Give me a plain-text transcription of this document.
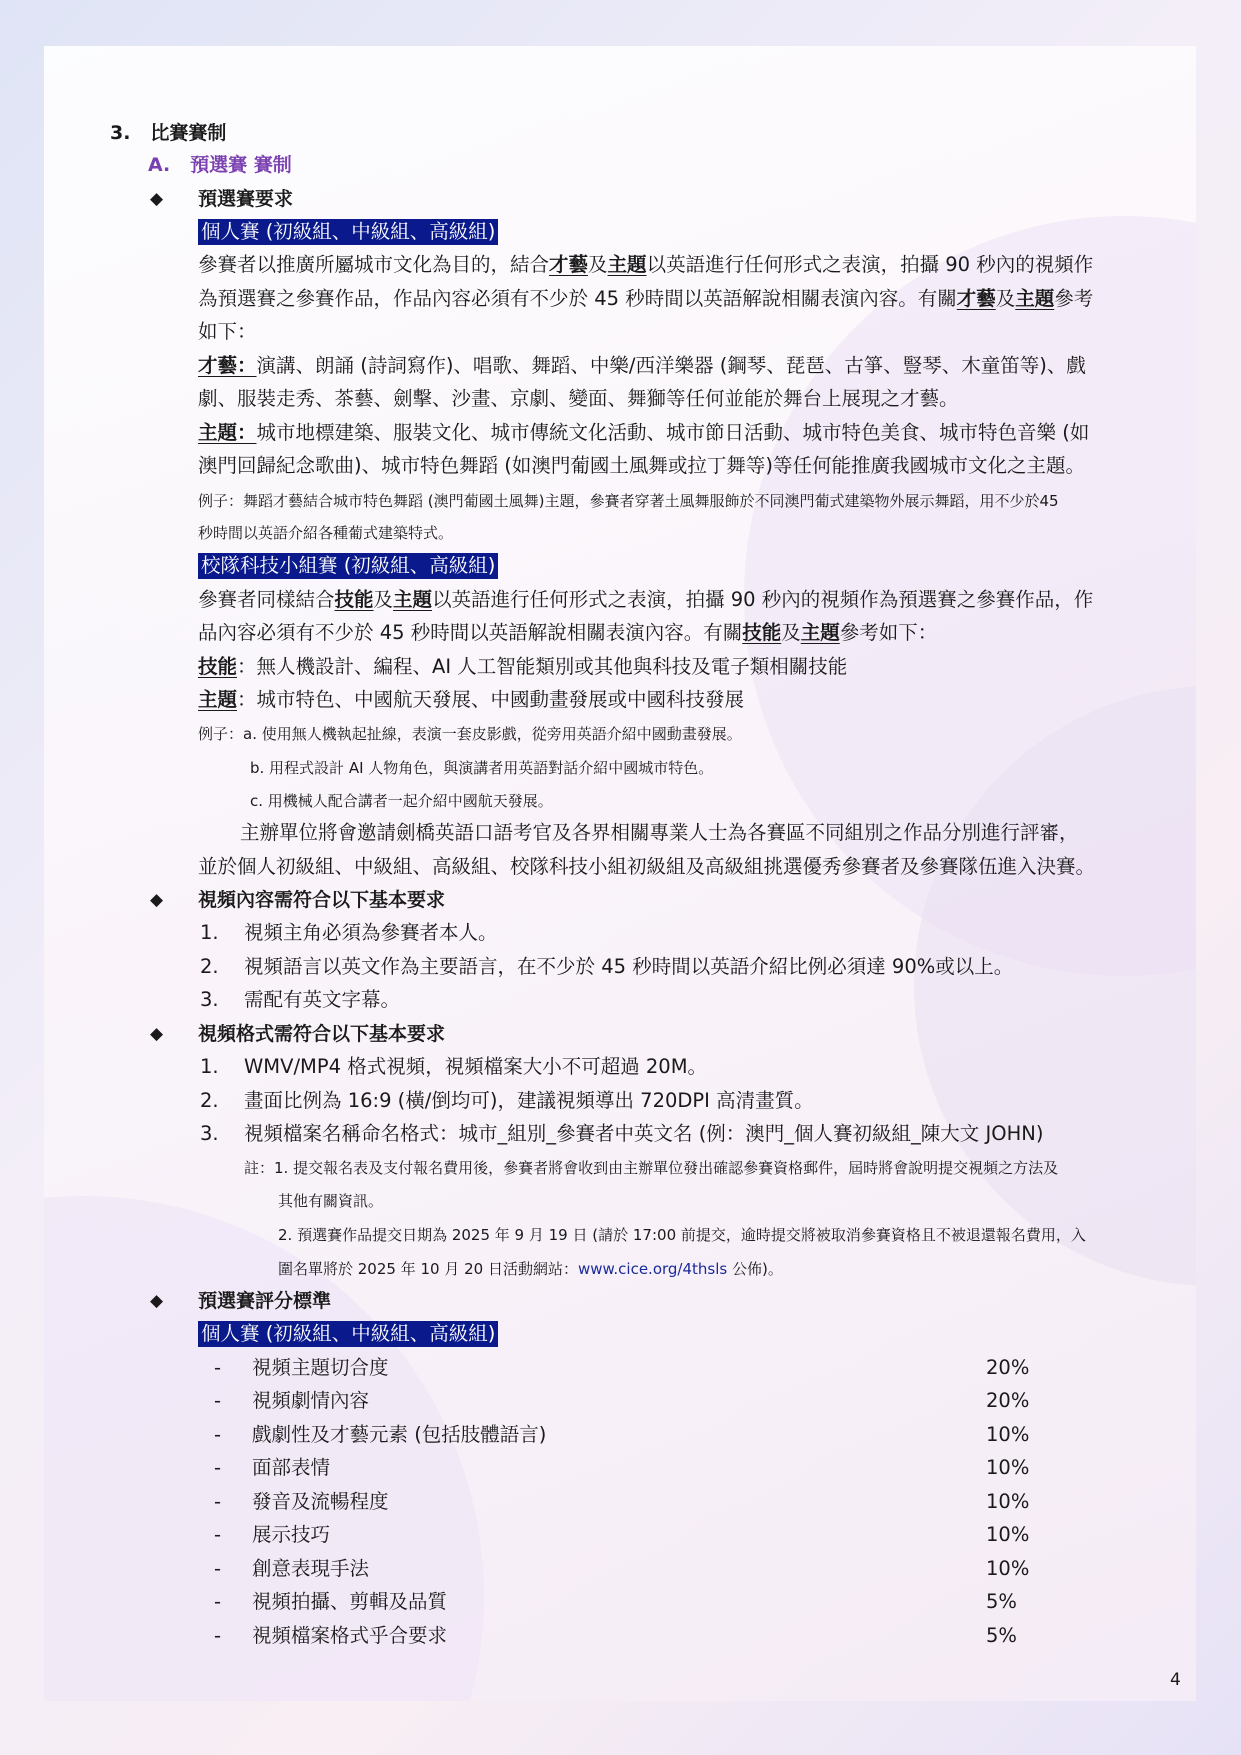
3. 比賽賽制
A. 預選賽 賽制
◆ 預選賽要求
個人賽 (初級組、中級組、高級組)
參賽者以推廣所屬城市文化為目的，結合才藝及主題以英語進行任何形式之表演，拍攝 90 秒內的視頻作
為預選賽之參賽作品，作品內容必須有不少於 45 秒時間以英語解說相關表演內容。有關才藝及主題參考
如下：
才藝：演講、朗誦 (詩詞寫作)、唱歌、舞蹈、中樂/西洋樂器 (鋼琴、琵琶、古箏、豎琴、木童笛等)、戲
劇、服裝走秀、茶藝、劍擊、沙畫、京劇、變面、舞獅等任何並能於舞台上展現之才藝。
主題：城市地標建築、服裝文化、城市傳統文化活動、城市節日活動、城市特色美食、城市特色音樂 (如
澳門回歸紀念歌曲)、城市特色舞蹈 (如澳門葡國土風舞或拉丁舞等)等任何能推廣我國城市文化之主題。
例子：舞蹈才藝結合城市特色舞蹈 (澳門葡國土風舞)主題，參賽者穿著土風舞服飾於不同澳門葡式建築物外展示舞蹈，用不少於45
秒時間以英語介紹各種葡式建築特式。
校隊科技小組賽 (初級組、高級組)
參賽者同樣結合技能及主題以英語進行任何形式之表演，拍攝 90 秒內的視頻作為預選賽之參賽作品，作
品內容必須有不少於 45 秒時間以英語解說相關表演內容。有關技能及主題參考如下：
技能：無人機設計、編程、AI 人工智能類別或其他與科技及電子類相關技能
主題：城市特色、中國航天發展、中國動畫發展或中國科技發展
例子：a. 使用無人機執起扯線，表演一套皮影戲，從旁用英語介紹中國動畫發展。
b. 用程式設計 AI 人物角色，與演講者用英語對話介紹中國城市特色。
c. 用機械人配合講者一起介紹中國航天發展。
主辦單位將會邀請劍橋英語口語考官及各界相關專業人士為各賽區不同組別之作品分別進行評審，
並於個人初級組、中級組、高級組、校隊科技小組初級組及高級組挑選優秀參賽者及參賽隊伍進入決賽。
◆ 視頻內容需符合以下基本要求
1. 視頻主角必須為參賽者本人。
2. 視頻語言以英文作為主要語言，在不少於 45 秒時間以英語介紹比例必須達 90%或以上。
3. 需配有英文字幕。
◆ 視頻格式需符合以下基本要求
1. WMV/MP4 格式視頻，視頻檔案大小不可超過 20M。
2. 畫面比例為 16:9 (橫/倒均可)，建議視頻導出 720DPI 高清畫質。
3. 視頻檔案名稱命名格式：城市_組別_參賽者中英文名 (例：澳門_個人賽初級組_陳大文 JOHN)
註：1. 提交報名表及支付報名費用後，參賽者將會收到由主辦單位發出確認參賽資格郵件，屆時將會說明提交視頻之方法及
其他有關資訊。
2. 預選賽作品提交日期為 2025 年 9 月 19 日 (請於 17:00 前提交，逾時提交將被取消參賽資格且不被退還報名費用，入
圍名單將於 2025 年 10 月 20 日活動網站：www.cice.org/4thsls 公佈)。
◆ 預選賽評分標準
個人賽 (初級組、中級組、高級組)
- 視頻主題切合度	20%
- 視頻劇情內容	20%
- 戲劇性及才藝元素 (包括肢體語言)	10%
- 面部表情	10%
- 發音及流暢程度	10%
- 展示技巧	10%
- 創意表現手法	10%
- 視頻拍攝、剪輯及品質	5%
- 視頻檔案格式乎合要求	5%
4
